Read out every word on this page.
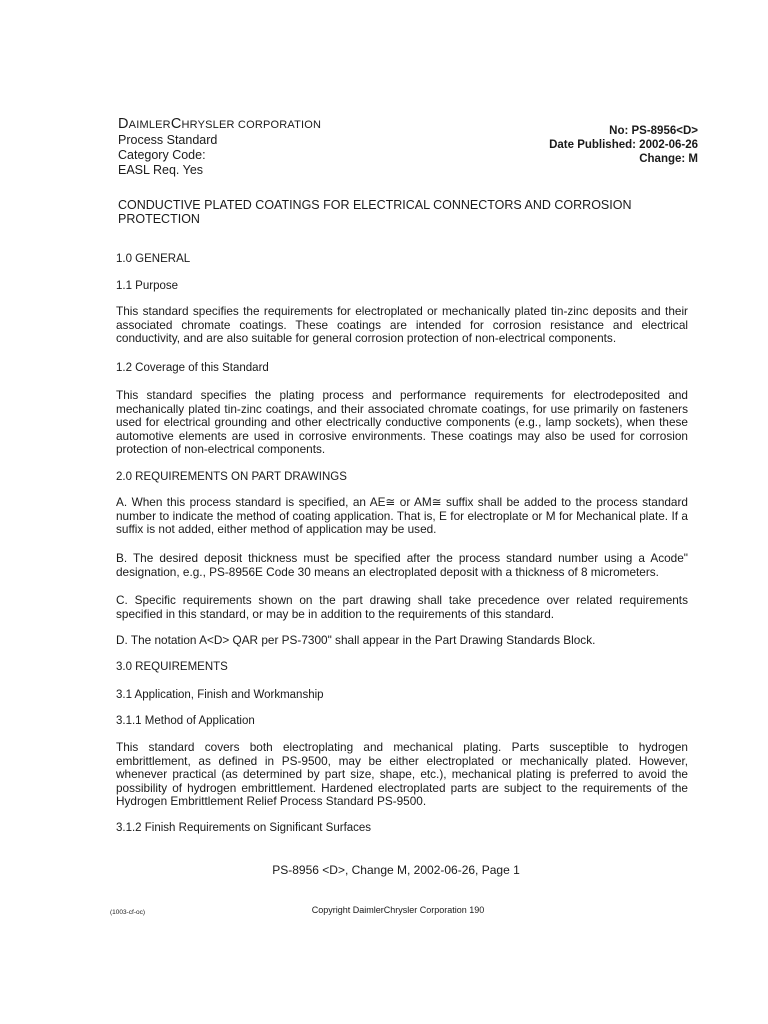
DAIMLERCHRYSLER CORPORATION
Process Standard
Category Code:
EASL Req. Yes
No: PS-8956<D>
Date Published: 2002-06-26
Change: M
CONDUCTIVE PLATED COATINGS FOR ELECTRICAL CONNECTORS AND CORROSION PROTECTION
1.0 GENERAL
1.1 Purpose
This standard specifies the requirements for electroplated or mechanically plated tin-zinc deposits and their associated chromate coatings. These coatings are intended for corrosion resistance and electrical conductivity, and are also suitable for general corrosion protection of non-electrical components.
1.2 Coverage of this Standard
This standard specifies the plating process and performance requirements for electrodeposited and mechanically plated tin-zinc coatings, and their associated chromate coatings, for use primarily on fasteners used for electrical grounding and other electrically conductive components (e.g., lamp sockets), when these automotive elements are used in corrosive environments. These coatings may also be used for corrosion protection of non-electrical components.
2.0 REQUIREMENTS ON PART DRAWINGS
A. When this process standard is specified, an AE≅ or AM≅ suffix shall be added to the process standard number to indicate the method of coating application. That is, E for electroplate or M for Mechanical plate. If a suffix is not added, either method of application may be used.
B. The desired deposit thickness must be specified after the process standard number using a Acode" designation, e.g., PS-8956E Code 30 means an electroplated deposit with a thickness of 8 micrometers.
C. Specific requirements shown on the part drawing shall take precedence over related requirements specified in this standard, or may be in addition to the requirements of this standard.
D. The notation A<D> QAR per PS-7300" shall appear in the Part Drawing Standards Block.
3.0 REQUIREMENTS
3.1 Application, Finish and Workmanship
3.1.1 Method of Application
This standard covers both electroplating and mechanical plating. Parts susceptible to hydrogen embrittlement, as defined in PS-9500, may be either electroplated or mechanically plated. However, whenever practical (as determined by part size, shape, etc.), mechanical plating is preferred to avoid the possibility of hydrogen embrittlement. Hardened electroplated parts are subject to the requirements of the Hydrogen Embrittlement Relief Process Standard PS-9500.
3.1.2 Finish Requirements on Significant Surfaces
PS-8956 <D>, Change M, 2002-06-26, Page 1
(1003-cf-oc)	Copyright DaimlerChrysler Corporation 190
